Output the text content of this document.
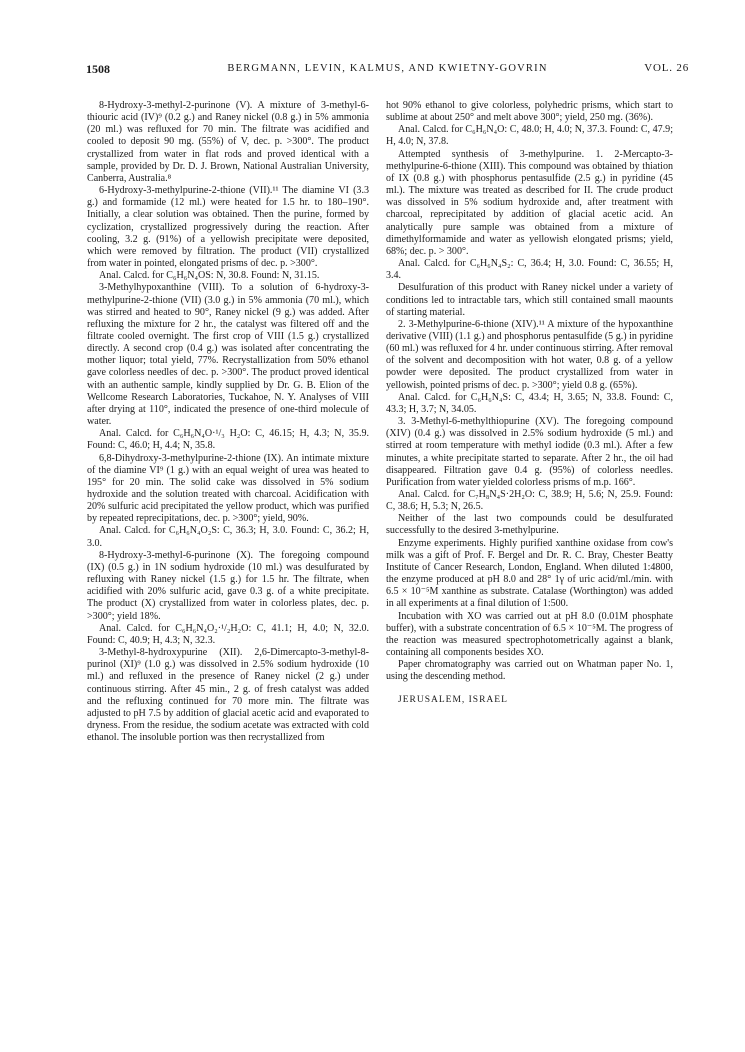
1508	BERGMANN, LEVIN, KALMUS, AND KWIETNY-GOVRIN	VOL. 26

8-Hydroxy-3-methyl-2-purinone (V). A mixture of 3-methyl-6-thiouric acid (IV)⁹ (0.2 g.) and Raney nickel (0.8 g.) in 5% ammonia (20 ml.) was refluxed for 70 min. The filtrate was acidified and cooled to deposit 90 mg. (55%) of V, dec. p. >300°. The product crystallized from water in flat rods and proved identical with a sample, provided by Dr. D. J. Brown, National Australian University, Canberra, Australia.⁸

6-Hydroxy-3-methylpurine-2-thione (VII).¹¹ The diamine VI (3.3 g.) and formamide (12 ml.) were heated for 1.5 hr. to 180–190°. Initially, a clear solution was obtained. Then the purine, formed by cyclization, crystallized progressively during the reaction. After cooling, 3.2 g. (91%) of a yellowish precipitate were deposited, which were removed by filtration. The product (VII) crystallized from water in pointed, elongated prisms of dec. p. >300°.

Anal. Calcd. for C₆H₆N₄OS: N, 30.8. Found: N, 31.15.

3-Methylhypoxanthine (VIII). To a solution of 6-hydroxy-3-methylpurine-2-thione (VII) (3.0 g.) in 5% ammonia (70 ml.), which was stirred and heated to 90°, Raney nickel (9 g.) was added. After refluxing the mixture for 2 hr., the catalyst was filtered off and the filtrate cooled overnight. The first crop of VIII (1.5 g.) crystallized directly. A second crop (0.4 g.) was isolated after concentrating the mother liquor; total yield, 77%. Recrystallization from 50% ethanol gave colorless needles of dec. p. >300°. The product proved identical with an authentic sample, kindly supplied by Dr. G. B. Elion of the Wellcome Research Laboratories, Tuckahoe, N. Y. Analyses of VIII after drying at 110°, indicated the presence of one-third molecule of water.

Anal. Calcd. for C₆H₆N₄O·¹/₃ H₂O: C, 46.15; H, 4.3; N, 35.9. Found: C, 46.0; H, 4.4; N, 35.8.

6,8-Dihydroxy-3-methylpurine-2-thione (IX). An intimate mixture of the diamine VI⁹ (1 g.) with an equal weight of urea was heated to 195° for 20 min. The solid cake was dissolved in 5% sodium hydroxide and the solution treated with charcoal. Acidification with 20% sulfuric acid precipitated the yellow product, which was purified by repeated reprecipitations, dec. p. >300°; yield, 90%.

Anal. Calcd. for C₆H₆N₄O₂S: C, 36.3; H, 3.0. Found: C, 36.2; H, 3.0.

8-Hydroxy-3-methyl-6-purinone (X). The foregoing compound (IX) (0.5 g.) in 1N sodium hydroxide (10 ml.) was desulfurated by refluxing with Raney nickel (1.5 g.) for 1.5 hr. The filtrate, when acidified with 20% sulfuric acid, gave 0.3 g. of a white precipitate. The product (X) crystallized from water in colorless plates, dec. p. >300°; yield 18%.

Anal. Calcd. for C₆H₆N₄O₂·¹/₂H₂O: C, 41.1; H, 4.0; N, 32.0. Found: C, 40.9; H, 4.3; N, 32.3.

3-Methyl-8-hydroxypurine (XII). 2,6-Dimercapto-3-methyl-8-purinol (XI)⁹ (1.0 g.) was dissolved in 2.5% sodium hydroxide (10 ml.) and refluxed in the presence of Raney nickel (2 g.) under continuous stirring. After 45 min., 2 g. of fresh catalyst was added and the refluxing continued for 70 more min. The filtrate was adjusted to pH 7.5 by addition of glacial acetic acid and evaporated to dryness. From the residue, the sodium acetate was extracted with cold ethanol. The insoluble portion was then recrystallized from

hot 90% ethanol to give colorless, polyhedric prisms, which start to sublime at about 250° and melt above 300°; yield, 250 mg. (36%).

Anal. Calcd. for C₆H₆N₄O: C, 48.0; H, 4.0; N, 37.3. Found: C, 47.9; H, 4.0; N, 37.8.

Attempted synthesis of 3-methylpurine. 1. 2-Mercapto-3-methylpurine-6-thione (XIII). This compound was obtained by thiation of IX (0.8 g.) with phosphorus pentasulfide (2.5 g.) in pyridine (45 ml.). The mixture was treated as described for II. The crude product was dissolved in 5% sodium hydroxide and, after treatment with charcoal, reprecipitated by addition of glacial acetic acid. An analytically pure sample was obtained from a mixture of dimethylformamide and water as yellowish elongated prisms; yield, 68%; dec. p. > 300°.

Anal. Calcd. for C₆H₆N₄S₂: C, 36.4; H, 3.0. Found: C, 36.55; H, 3.4.

Desulfuration of this product with Raney nickel under a variety of conditions led to intractable tars, which still contained small maounts of starting material.

2. 3-Methylpurine-6-thione (XIV).¹¹ A mixture of the hypoxanthine derivative (VIII) (1.1 g.) and phosphorus pentasulfide (5 g.) in pyridine (60 ml.) was refluxed for 4 hr. under continuous stirring. After removal of the solvent and decomposition with hot water, 0.8 g. of a yellow powder were deposited. The product crystallized from water in yellowish, pointed prisms of dec. p. >300°; yield 0.8 g. (65%).

Anal. Calcd. for C₆H₆N₄S: C, 43.4; H, 3.65; N, 33.8. Found: C, 43.3; H, 3.7; N, 34.05.

3. 3-Methyl-6-methylthiopurine (XV). The foregoing compound (XIV) (0.4 g.) was dissolved in 2.5% sodium hydroxide (5 ml.) and stirred at room temperature with methyl iodide (0.3 ml.). After a few minutes, a white precipitate started to separate. After 2 hr., the oil had disappeared. Filtration gave 0.4 g. (95%) of colorless needles. Purification from water yielded colorless prisms of m.p. 166°.

Anal. Calcd. for C₇H₈N₄S·2H₂O: C, 38.9; H, 5.6; N, 25.9. Found: C, 38.6; H, 5.3; N, 26.5.

Neither of the last two compounds could be desulfurated successfully to the desired 3-methylpurine.

Enzyme experiments. Highly purified xanthine oxidase from cow's milk was a gift of Prof. F. Bergel and Dr. R. C. Bray, Chester Beatty Institute of Cancer Research, London, England. When diluted 1:4800, the enzyme produced at pH 8.0 and 28° 1γ of uric acid/ml./min. with 6.5 × 10⁻⁵M xanthine as substrate. Catalase (Worthington) was added in all experiments at a final dilution of 1:500.

Incubation with XO was carried out at pH 8.0 (0.01M phosphate buffer), with a substrate concentration of 6.5 × 10⁻⁵M. The progress of the reaction was measured spectrophotometrically against a blank, containing all components besides XO.

Paper chromatography was carried out on Whatman paper No. 1, using the descending method.

JERUSALEM, ISRAEL
